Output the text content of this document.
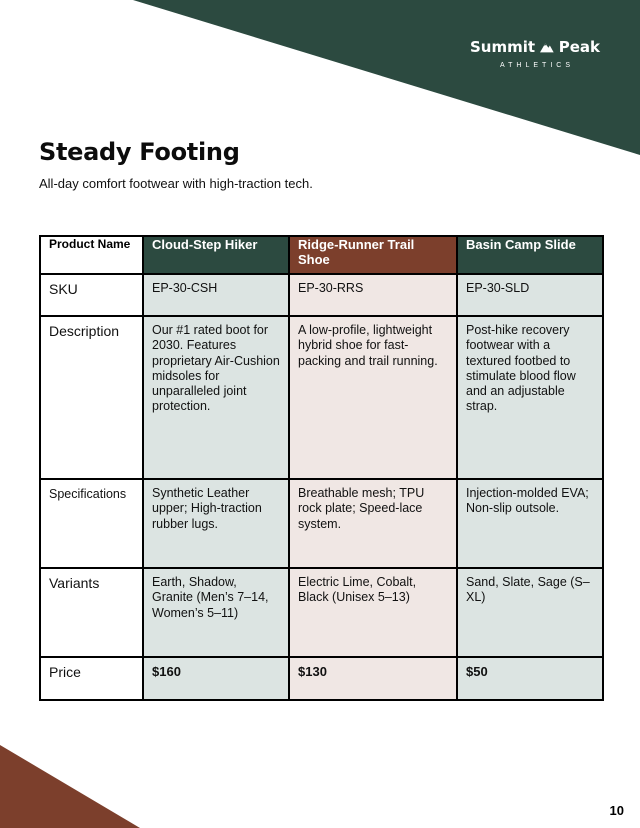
Summit Peak
ATHLETICS
Steady Footing
All-day comfort footwear with high-traction tech.
Product Name	Cloud-Step Hiker	Ridge-Runner Trail Shoe	Basin Camp Slide
SKU	EP-30-CSH	EP-30-RRS	EP-30-SLD
Description	Our #1 rated boot for 2030. Features proprietary Air-Cushion midsoles for unparalleled joint protection.	A low-profile, lightweight hybrid shoe for fast-packing and trail running.	Post-hike recovery footwear with a textured footbed to stimulate blood flow and an adjustable strap.
Specifications	Synthetic Leather upper; High-traction rubber lugs.	Breathable mesh; TPU rock plate; Speed-lace system.	Injection-molded EVA; Non-slip outsole.
Variants	Earth, Shadow, Granite (Men’s 7–14, Women’s 5–11)	Electric Lime, Cobalt, Black (Unisex 5–13)	Sand, Slate, Sage (S–XL)
Price	$160	$130	$50
10
